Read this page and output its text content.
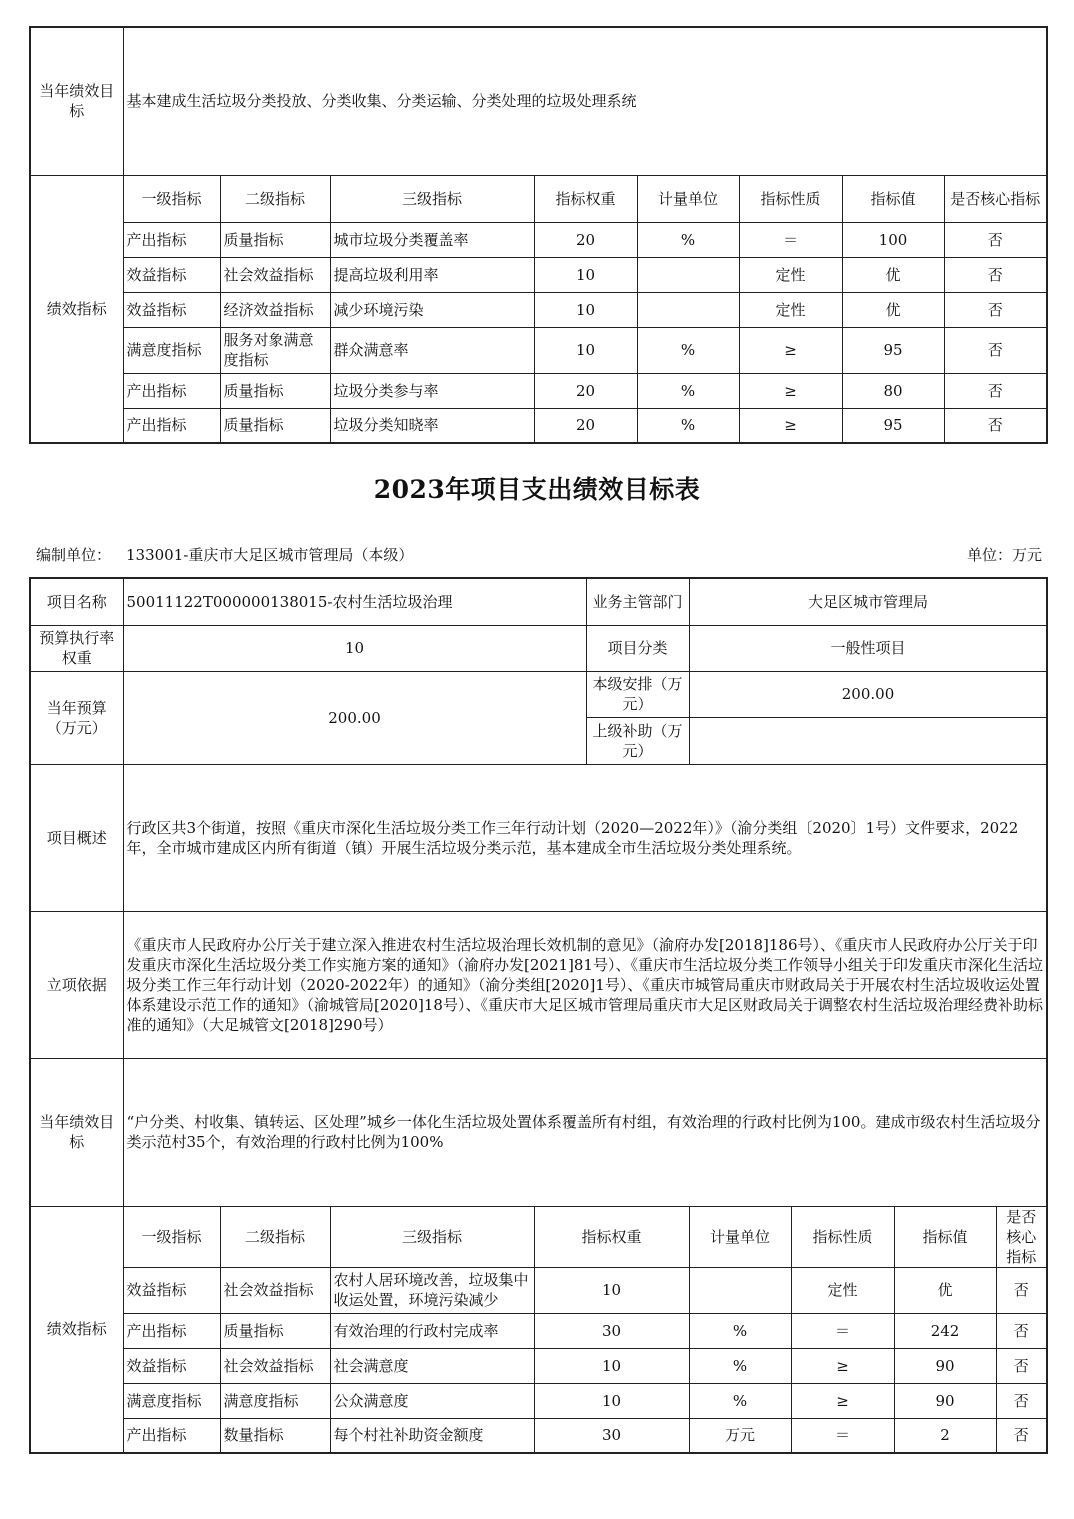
当年绩效目标	基本建成生活垃圾分类投放、分类收集、分类运输、分类处理的垃圾处理系统							
绩效指标	一级指标	二级指标	三级指标	指标权重	计量单位	指标性质	指标值	是否核心指标
	产出指标	质量指标	城市垃圾分类覆盖率	20	%	＝	100	否
	效益指标	社会效益指标	提高垃圾利用率	10		定性	优	否
	效益指标	经济效益指标	减少环境污染	10		定性	优	否
	满意度指标	服务对象满意度指标	群众满意率	10	%	≥	95	否
	产出指标	质量指标	垃圾分类参与率	20	%	≥	80	否
	产出指标	质量指标	垃圾分类知晓率	20	%	≥	95	否
2023年项目支出绩效目标表
编制单位： 133001-重庆市大足区城市管理局（本级）	单位：万元
项目名称	50011122T000000138015-农村生活垃圾治理				业务主管部门	大足区城市管理局			
预算执行率权重	10				项目分类	一般性项目			
当年预算（万元）	200.00				本级安排（万元）	200.00			
					上级补助（万元）				
项目概述	行政区共3个街道，按照《重庆市深化生活垃圾分类工作三年行动计划（2020—2022年）》（渝分类组〔2020〕1号）文件要求，2022年，全市城市建成区内所有街道（镇）开展生活垃圾分类示范，基本建成全市生活垃圾分类处理系统。								
立项依据	《重庆市人民政府办公厅关于建立深入推进农村生活垃圾治理长效机制的意见》（渝府办发[2018]186号）、《重庆市人民政府办公厅关于印发重庆市深化生活垃圾分类工作实施方案的通知》（渝府办发[2021]81号）、《重庆市生活垃圾分类工作领导小组关于印发重庆市深化生活垃圾分类工作三年行动计划（2020-2022年）的通知》（渝分类组[2020]1号）、《重庆市城管局重庆市财政局关于开展农村生活垃圾收运处置体系建设示范工作的通知》（渝城管局[2020]18号）、《重庆市大足区城市管理局重庆市大足区财政局关于调整农村生活垃圾治理经费补助标准的通知》（大足城管文[2018]290号）								
当年绩效目标	“户分类、村收集、镇转运、区处理”城乡一体化生活垃圾处置体系覆盖所有村组，有效治理的行政村比例为100。建成市级农村生活垃圾分类示范村35个，有效治理的行政村比例为100%								
绩效指标	一级指标	二级指标	三级指标	指标权重		计量单位	指标性质	指标值	是否核心指标
	效益指标	社会效益指标	农村人居环境改善，垃圾集中收运处置，环境污染减少	10			定性	优	否
	产出指标	质量指标	有效治理的行政村完成率	30		%	＝	242	否
	效益指标	社会效益指标	社会满意度	10		%	≥	90	否
	满意度指标	满意度指标	公众满意度	10		%	≥	90	否
	产出指标	数量指标	每个村社补助资金额度	30		万元	＝	2	否
